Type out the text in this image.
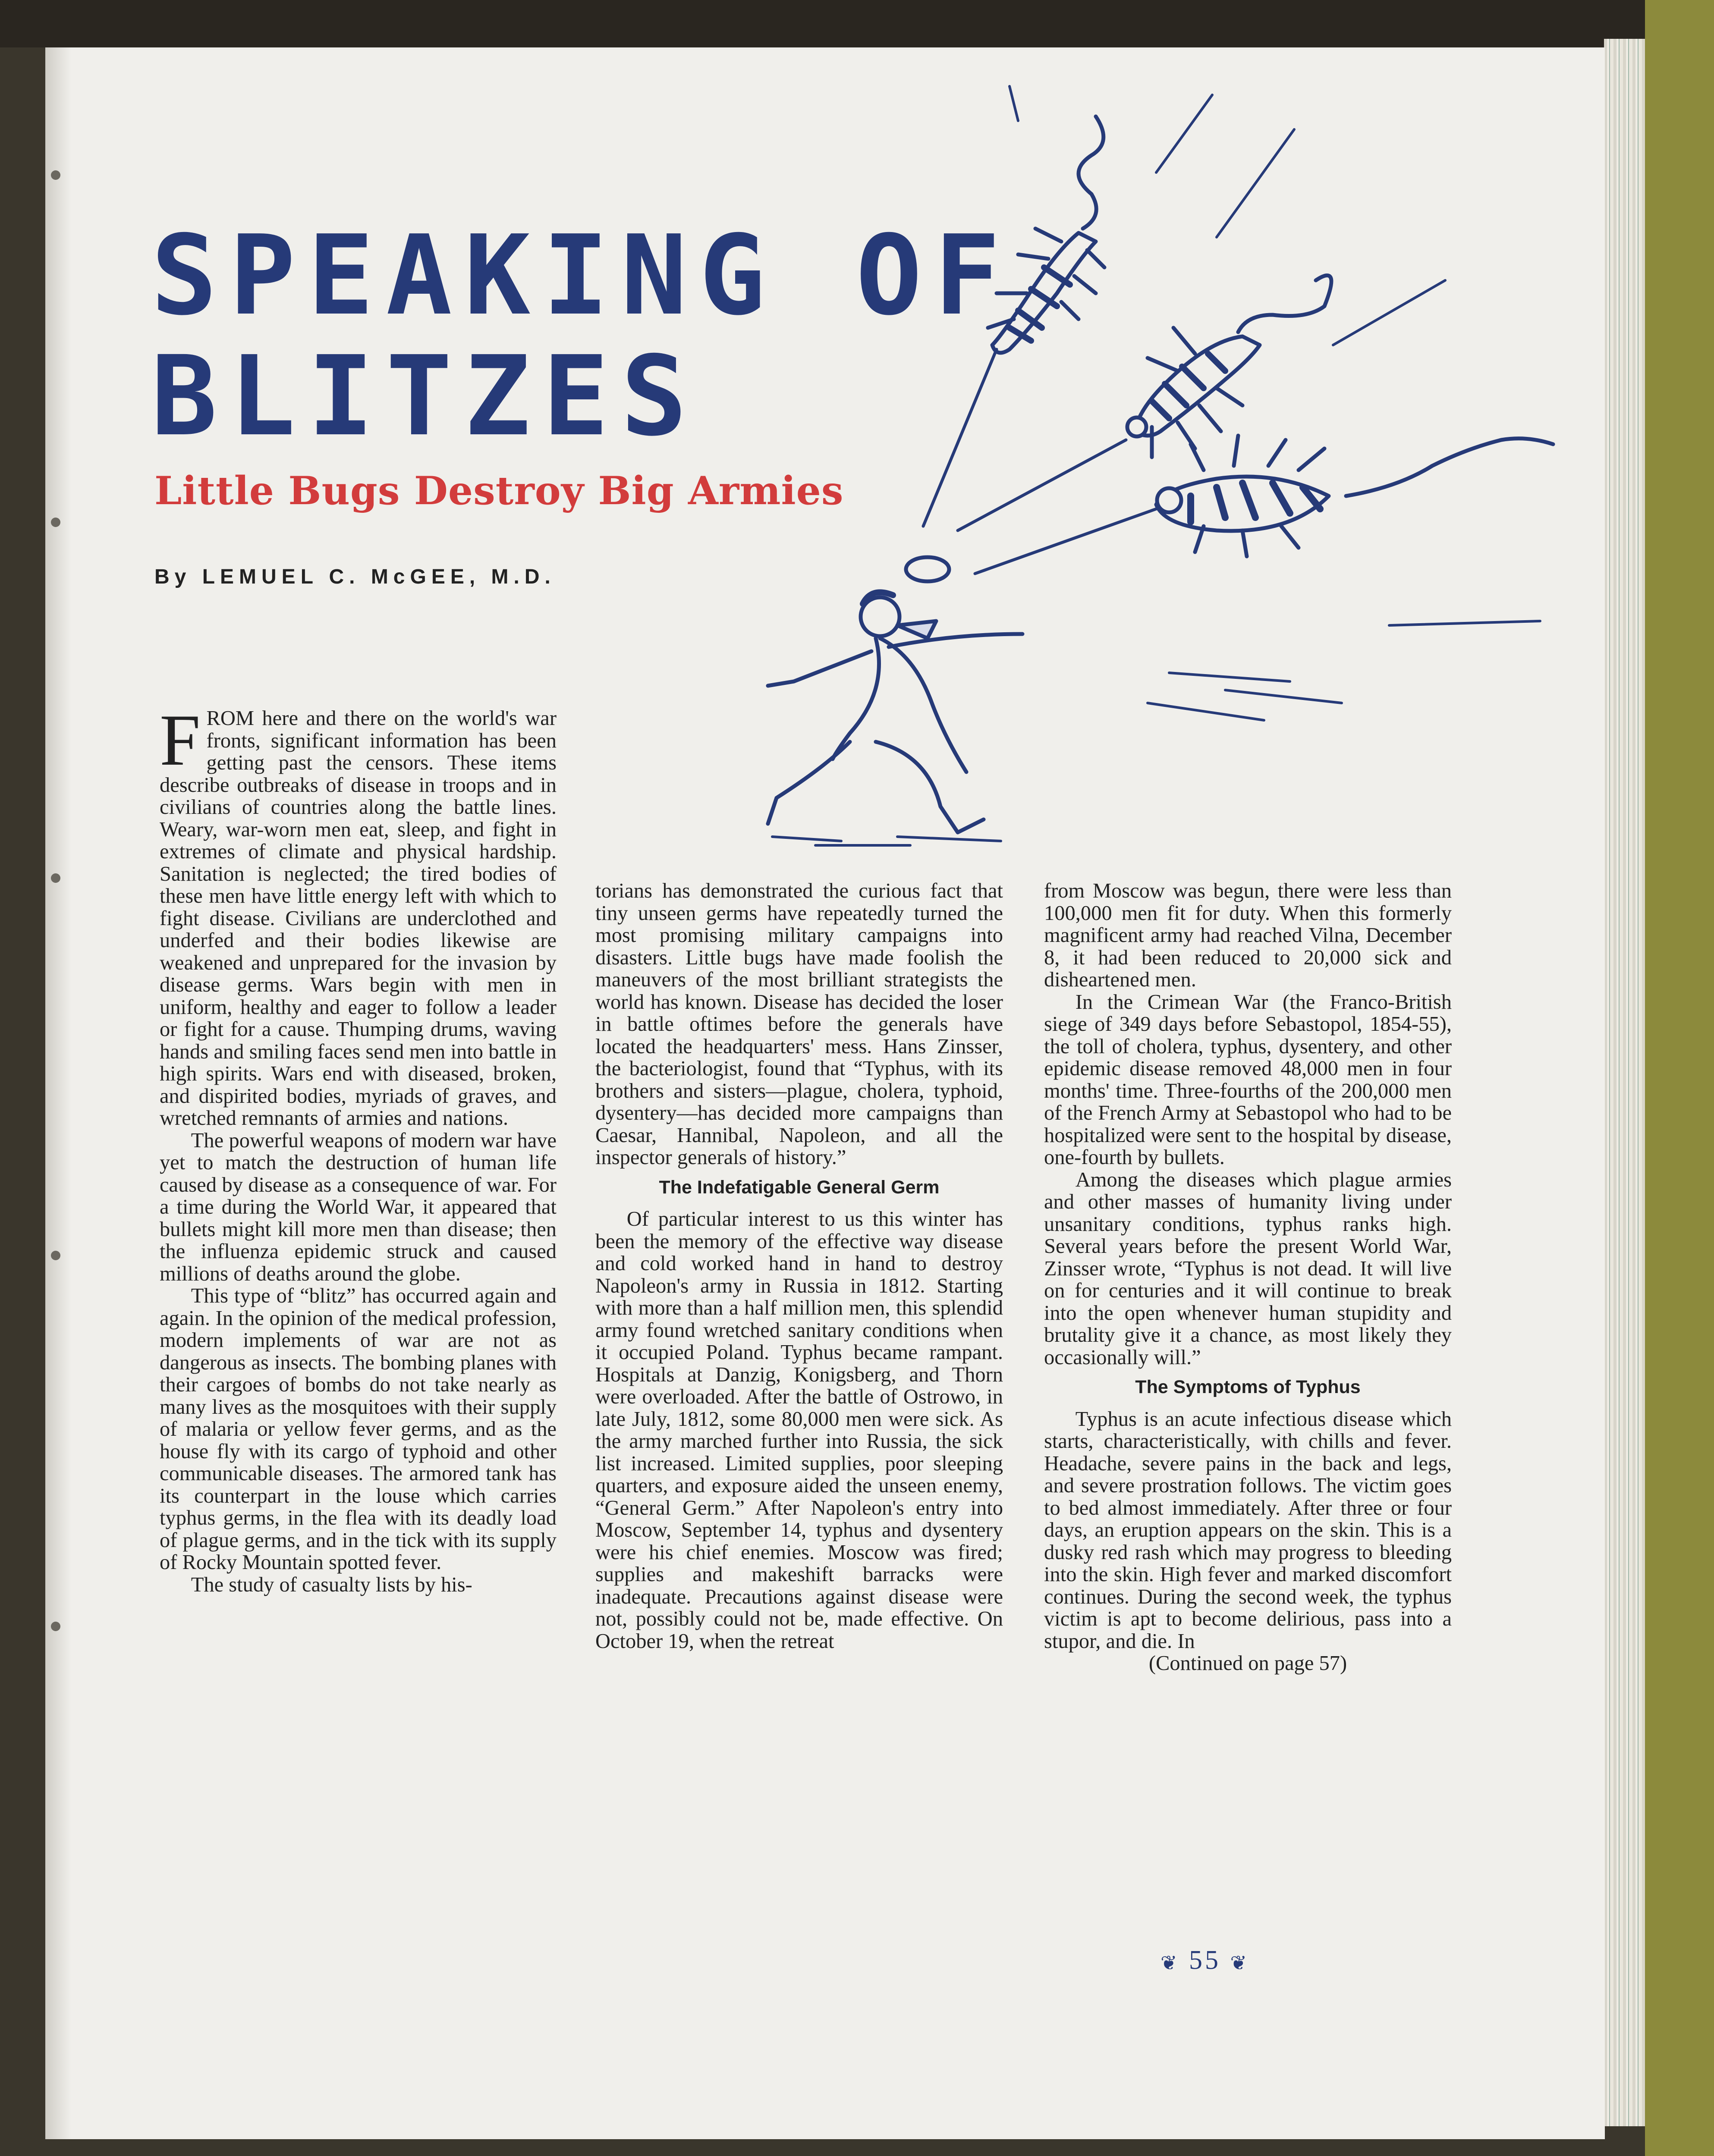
SPEAKING OF
BLITZES
Little Bugs Destroy Big Armies
By LEMUEL C. McGEE, M.D.

FROM here and there on the world's war fronts, significant information has been getting past the censors. These items describe outbreaks of disease in troops and in civilians of countries along the battle lines. Weary, war-worn men eat, sleep, and fight in extremes of climate and physical hardship. Sanitation is neglected; the tired bodies of these men have little energy left with which to fight disease. Civilians are underclothed and underfed and their bodies likewise are weakened and unprepared for the invasion by disease germs. Wars begin with men in uniform, healthy and eager to follow a leader or fight for a cause. Thumping drums, waving hands and smiling faces send men into battle in high spirits. Wars end with diseased, broken, and dispirited bodies, myriads of graves, and wretched remnants of armies and nations.

The powerful weapons of modern war have yet to match the destruction of human life caused by disease as a consequence of war. For a time during the World War, it appeared that bullets might kill more men than disease; then the influenza epidemic struck and caused millions of deaths around the globe.

This type of “blitz” has occurred again and again. In the opinion of the medical profession, modern implements of war are not as dangerous as insects. The bombing planes with their cargoes of bombs do not take nearly as many lives as the mosquitoes with their supply of malaria or yellow fever germs, and as the house fly with its cargo of typhoid and other communicable diseases. The armored tank has its counterpart in the louse which carries typhus germs, in the flea with its deadly load of plague germs, and in the tick with its supply of Rocky Mountain spotted fever.

The study of casualty lists by his-

torians has demonstrated the curious fact that tiny unseen germs have repeatedly turned the most promising military campaigns into disasters. Little bugs have made foolish the maneuvers of the most brilliant strategists the world has known. Disease has decided the loser in battle oftimes before the generals have located the headquarters' mess. Hans Zinsser, the bacteriologist, found that “Typhus, with its brothers and sisters—plague, cholera, typhoid, dysentery—has decided more campaigns than Caesar, Hannibal, Napoleon, and all the inspector generals of history.”

The Indefatigable General Germ

Of particular interest to us this winter has been the memory of the effective way disease and cold worked hand in hand to destroy Napoleon's army in Russia in 1812. Starting with more than a half million men, this splendid army found wretched sanitary conditions when it occupied Poland. Typhus became rampant. Hospitals at Danzig, Konigsberg, and Thorn were overloaded. After the battle of Ostrowo, in late July, 1812, some 80,000 men were sick. As the army marched further into Russia, the sick list increased. Limited supplies, poor sleeping quarters, and exposure aided the unseen enemy, “General Germ.” After Napoleon's entry into Moscow, September 14, typhus and dysentery were his chief enemies. Moscow was fired; supplies and makeshift barracks were inadequate. Precautions against disease were not, possibly could not be, made effective. On October 19, when the retreat

from Moscow was begun, there were less than 100,000 men fit for duty. When this formerly magnificent army had reached Vilna, December 8, it had been reduced to 20,000 sick and disheartened men.

In the Crimean War (the Franco-British siege of 349 days before Sebastopol, 1854-55), the toll of cholera, typhus, dysentery, and other epidemic disease removed 48,000 men in four months' time. Three-fourths of the 200,000 men of the French Army at Sebastopol who had to be hospitalized were sent to the hospital by disease, one-fourth by bullets.

Among the diseases which plague armies and other masses of humanity living under unsanitary conditions, typhus ranks high. Several years before the present World War, Zinsser wrote, “Typhus is not dead. It will live on for centuries and it will continue to break into the open whenever human stupidity and brutality give it a chance, as most likely they occasionally will.”

The Symptoms of Typhus

Typhus is an acute infectious disease which starts, characteristically, with chills and fever. Headache, severe pains in the back and legs, and severe prostration follows. The victim goes to bed almost immediately. After three or four days, an eruption appears on the skin. This is a dusky red rash which may progress to bleeding into the skin. High fever and marked discomfort continues. During the second week, the typhus victim is apt to become delirious, pass into a stupor, and die. In

(Continued on page 57)

❦ 55 ❦
